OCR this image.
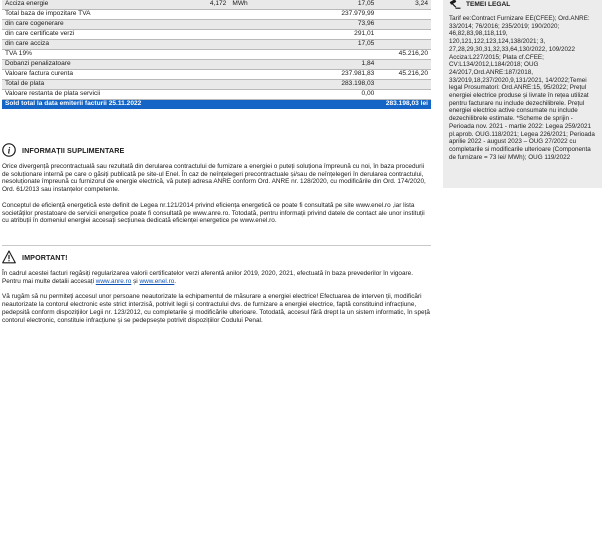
Acciza energie	4,172	MWh	17,05	3,24
Total baza de impozitare TVA			237.979,99	
din care cogenerare			73,96	
din care certificate verzi			291,01	
din care acciza			17,05	
TVA 19%				45.216,20
Dobanzi penalizatoare			1,84	
Valoare factura curenta			237.981,83	45.216,20
Total de plata			283.198,03	
Valoare restanta de plata servicii			0,00	
Sold total la data emiterii facturii 25.11.2022			283.198,03 lei	
i INFORMAȚII SUPLIMENTARE

Orice divergență precontractuală sau rezultată din derularea contractului de furnizare a energiei o puteți soluționa împreună cu noi, în baza procedurii de soluționare internă pe care o găsiți publicată pe site-ul Enel. În caz de neînțelegeri precontractuale și/sau de neînțelegeri în derularea contractului, nesoluționate împreună cu furnizorul de energie electrică, vă puteți adresa ANRE conform Ord. ANRE nr. 128/2020, cu modificările din Ord. 174/2020, Ord. 61/2013 sau instanțelor competente.

Conceptul de eficiență energetică este definit de Legea nr.121/2014 privind eficiența energetică ce poate fi consultată pe site www.enel.ro ,iar lista societăților prestatoare de servicii energetice poate fi consultată pe www.anre.ro. Totodată, pentru informații privind datele de contact ale unor instituții cu atribuții în domeniul energiei accesați secțiunea dedicată eficienței energetice pe www.enel.ro.

IMPORTANT!

În cadrul acestei facturi regăsiți regularizarea valorii certificatelor verzi aferentă anilor 2019, 2020, 2021, efectuată în baza prevederilor în vigoare. Pentru mai multe detalii accesați www.anre.ro și www.enel.ro.

Vă rugăm să nu permiteți accesul unor persoane neautorizate la echipamentul de măsurare a energiei electrice! Efectuarea de interven ții, modificări neautorizate la contorul electronic este strict interzisă, potrivit legii și contractului dvs. de furnizare a energiei electrice, faptă constituind infracțiune, pedepsită conform dispozițiilor Legii nr. 123/2012, cu completarile și modificările ulterioare. Totodată, accesul fără drept la un sistem informatic, în speță contorul electronic, constituie infracțiune și se pedepsește potrivit dispozițiilor Codului Penal.

TEMEI LEGAL
Tarif ee:Contract Furnizare EE(CFEE); Ord.ANRE: 33/2014; 76/2016; 235/2019; 190/2020; 46,82,83,98,118,119, 120,121,122,123,124,138/2021; 3, 27,28,29,30,31,32,33,64,130/2022, 109/2022 Acciza:L227/2015; Plata cf.CFEE; CV:L134/2012,L184/2018; OUG 24/2017,Ord.ANRE:187/2018, 33/2019,18,237/2020,9,131/2021, 14/2022;Temei legal Prosumatori: Ord.ANRE:15, 95/2022; Prețul energiei electrice produse și livrate în rețea utilizat pentru facturare nu include dezechilibrele. Prețul energiei electrice active consumate nu include dezechilibrele estimate. *Scheme de sprijin - Perioada nov. 2021 - martie 2022: Legea 259/2021 pl.aprob. OUG.118/2021; Legea 226/2021; Perioada aprilie 2022 - august 2023 – OUG 27/2022 cu completarile si modificarile ulterioare (Componenta de furnizare = 73 lei/ MWh); OUG 119/2022
